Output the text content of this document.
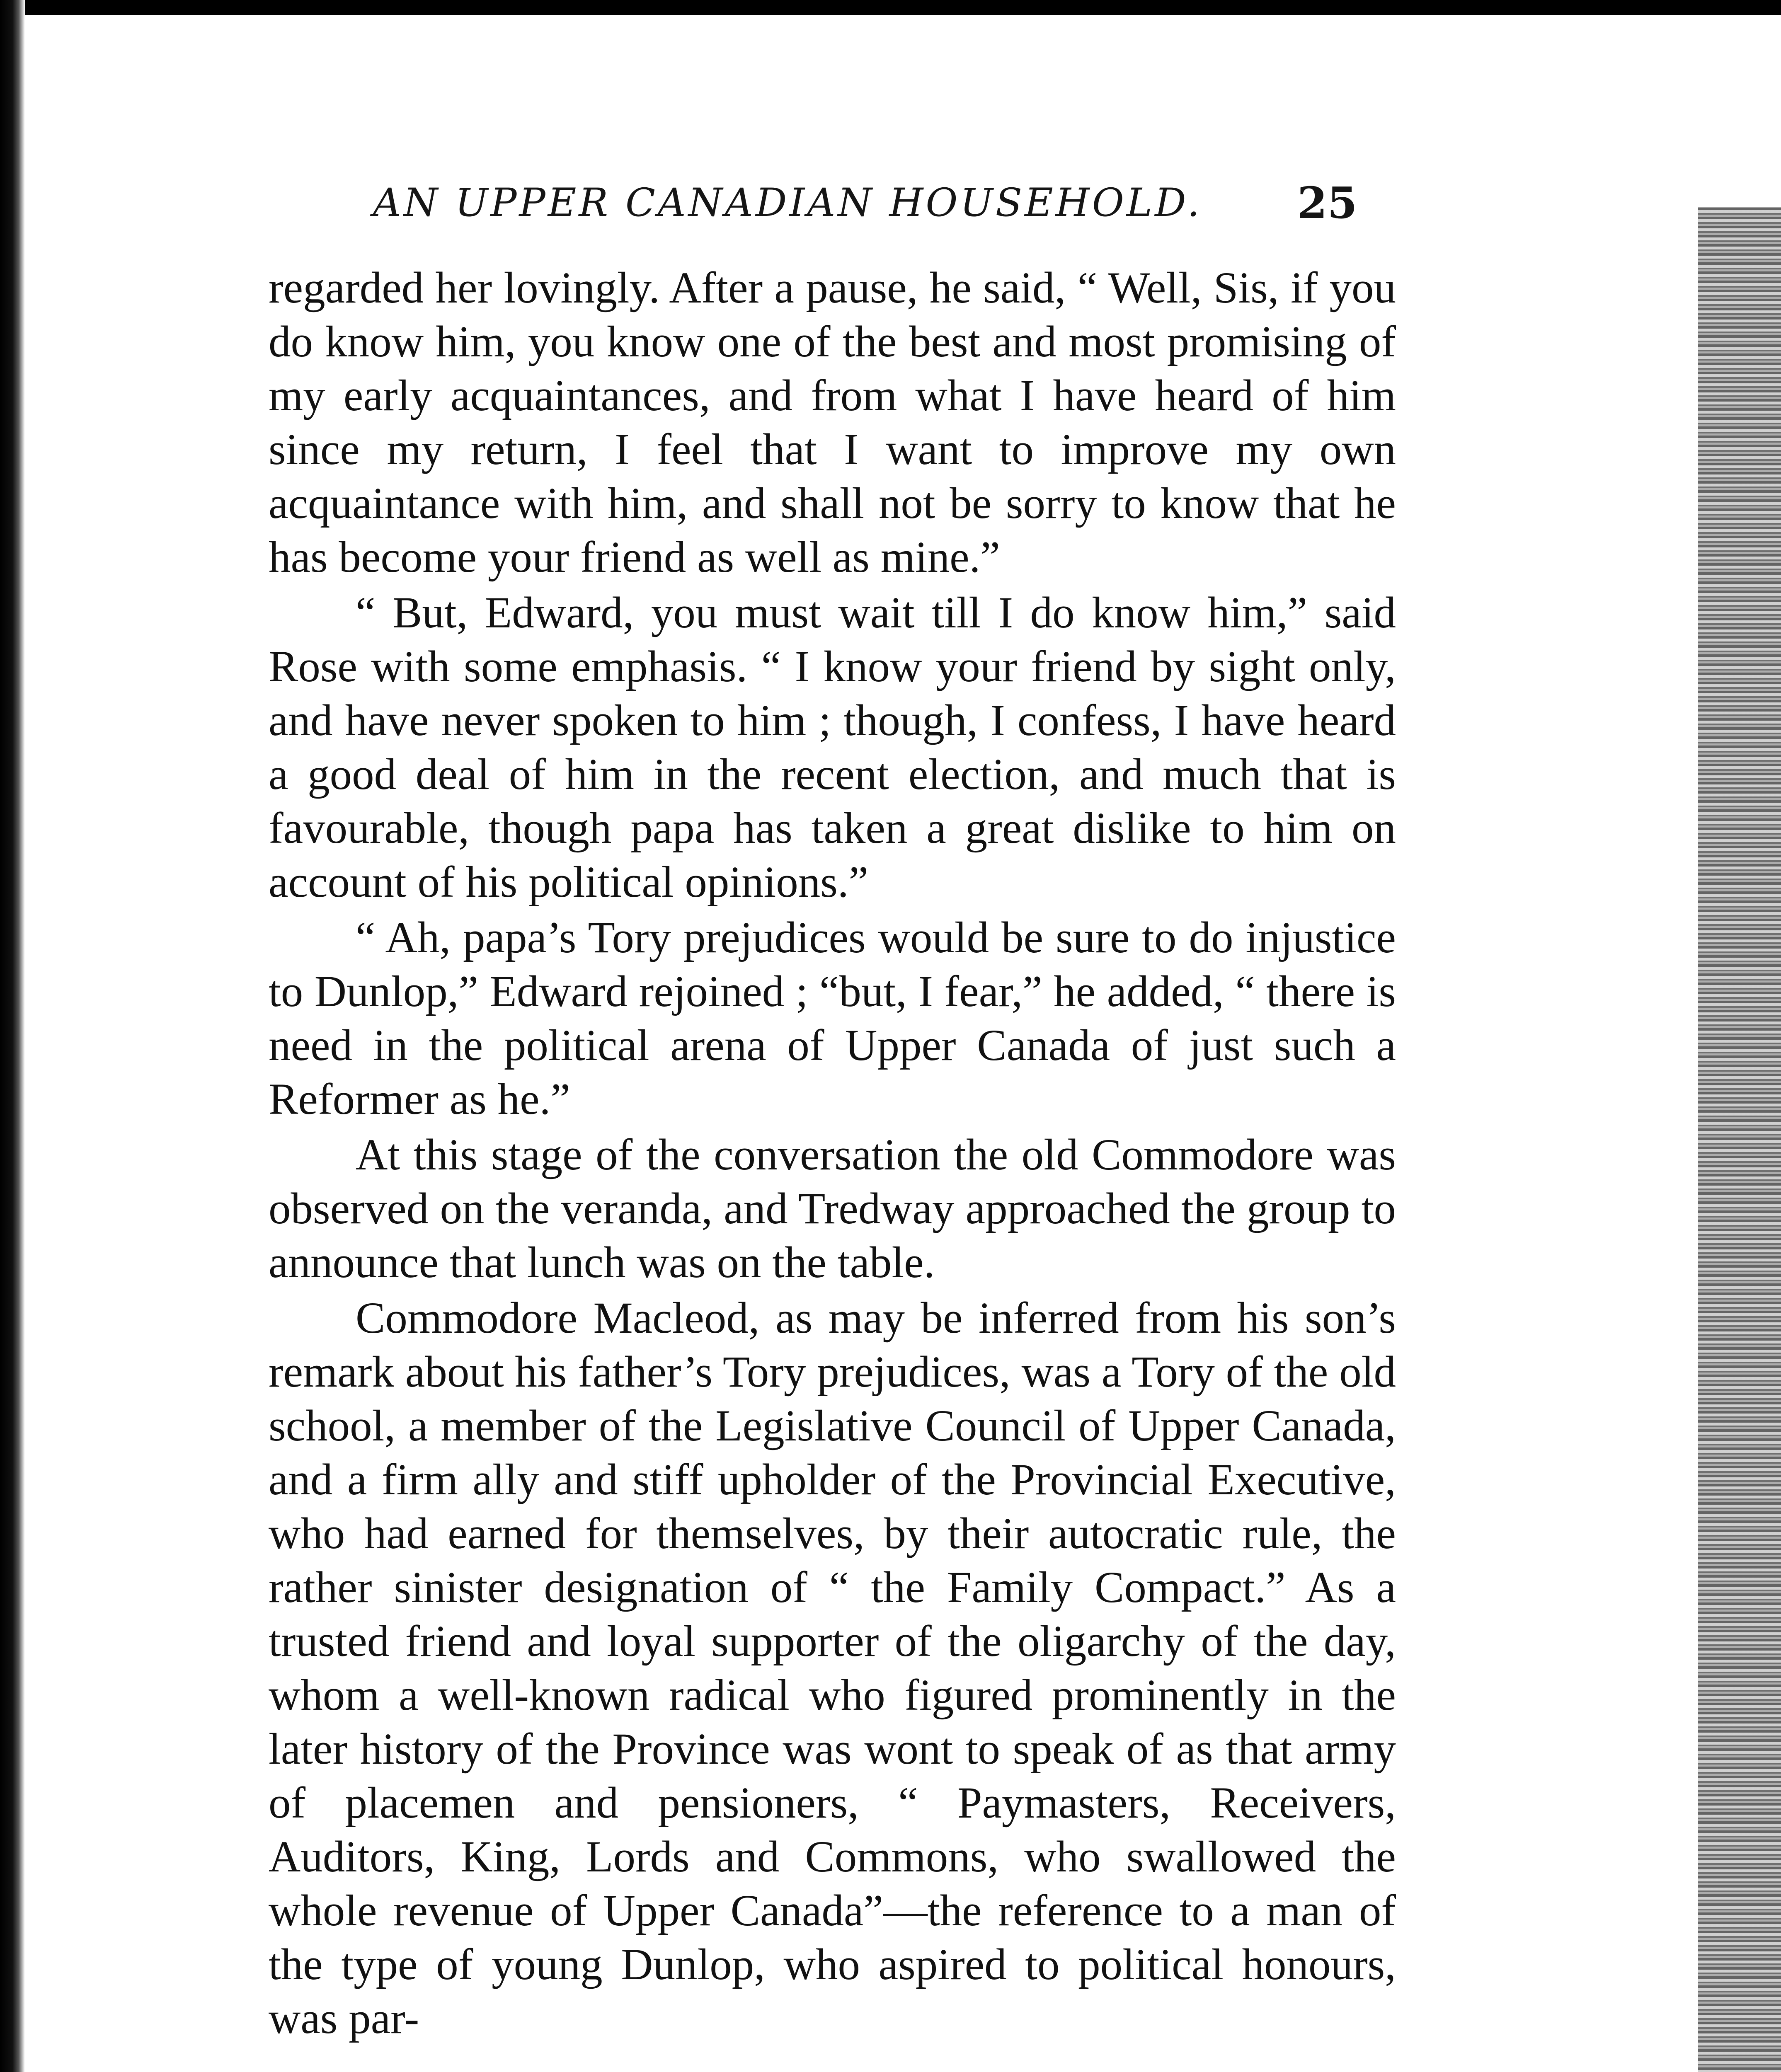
AN UPPER CANADIAN HOUSEHOLD. 25

regarded her lovingly. After a pause, he said, “ Well, Sis, if you do know him, you know one of the best and most promising of my early acquaintances, and from what I have heard of him since my return, I feel that I want to improve my own acquaintance with him, and shall not be sorry to know that he has become your friend as well as mine.”

“ But, Edward, you must wait till I do know him,” said Rose with some emphasis. “ I know your friend by sight only, and have never spoken to him ; though, I confess, I have heard a good deal of him in the recent election, and much that is favourable, though papa has taken a great dislike to him on account of his political opinions.”

“ Ah, papa’s Tory prejudices would be sure to do injustice to Dunlop,” Edward rejoined ; “but, I fear,” he added, “ there is need in the political arena of Upper Canada of just such a Reformer as he.”

At this stage of the conversation the old Commodore was observed on the veranda, and Tredway approached the group to announce that lunch was on the table.

Commodore Macleod, as may be inferred from his son’s remark about his father’s Tory prejudices, was a Tory of the old school, a member of the Legislative Council of Upper Canada, and a firm ally and stiff upholder of the Provincial Executive, who had earned for themselves, by their autocratic rule, the rather sinister designation of “ the Family Compact.” As a trusted friend and loyal supporter of the oligarchy of the day, whom a well-known radical who figured prominently in the later history of the Province was wont to speak of as that army of placemen and pensioners, “ Paymasters, Receivers, Auditors, King, Lords and Commons, who swallowed the whole revenue of Upper Canada”—the reference to a man of the type of young Dunlop, who aspired to political honours, was par-
